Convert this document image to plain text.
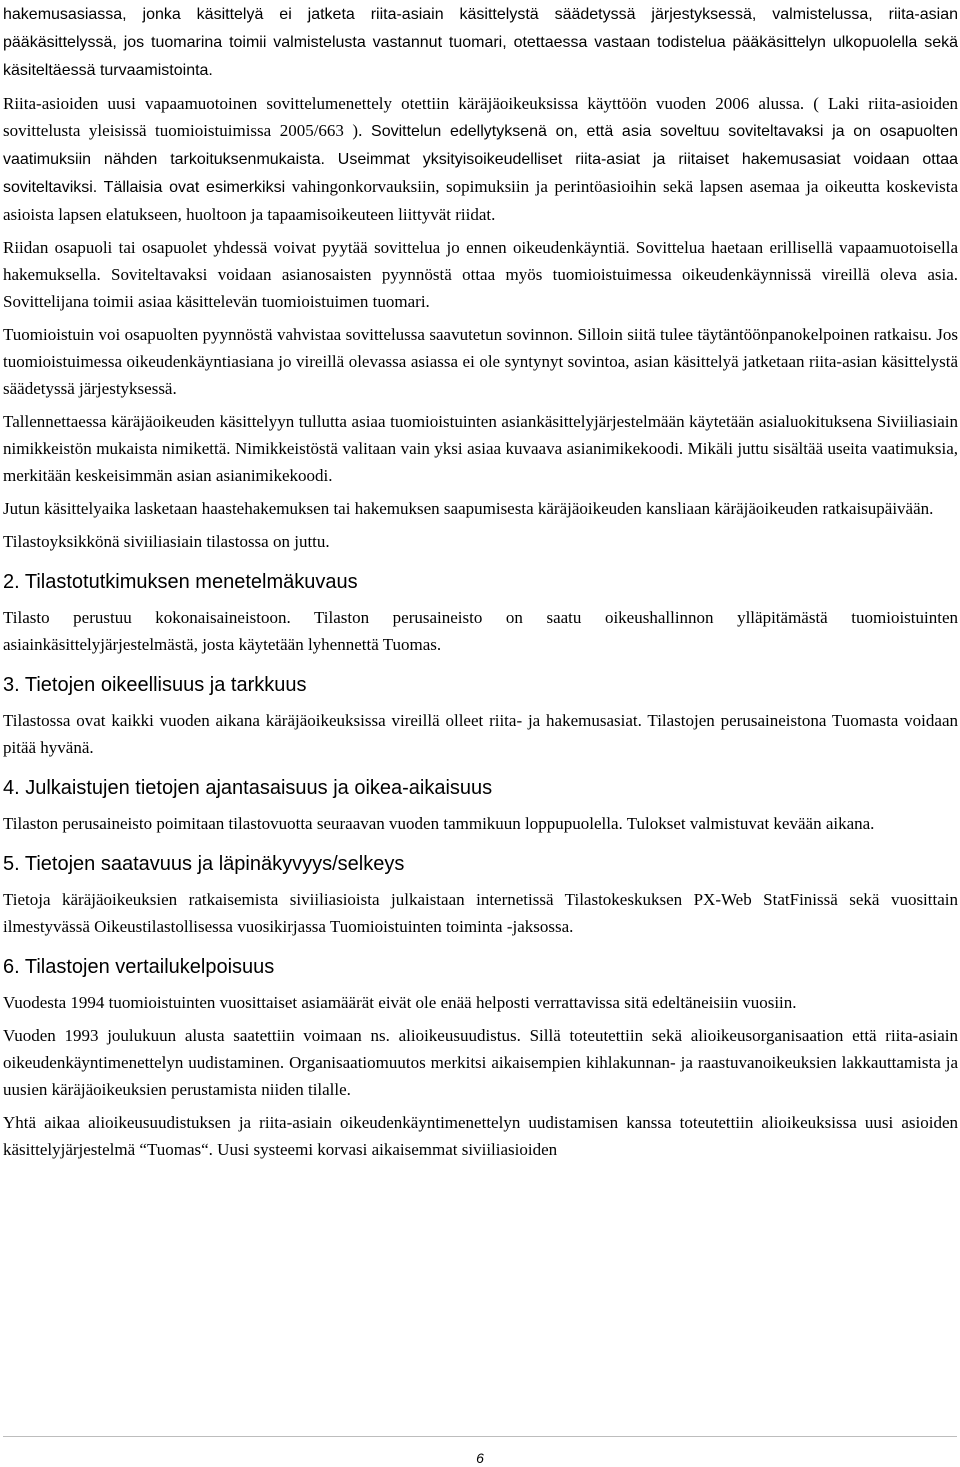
hakemusasiassa, jonka käsittelyä ei jatketa riita-asiain käsittelystä säädetyssä järjestyksessä, valmistelussa, riita-asian pääkäsittelyssä, jos tuomarina toimii valmistelusta vastannut tuomari, otettaessa vastaan todistelua pääkäsittelyn ulkopuolella sekä käsiteltäessä turvaamistointa.

Riita-asioiden uusi vapaamuotoinen sovittelumenettely otettiin käräjäoikeuksissa käyttöön vuoden 2006 alussa. ( Laki riita-asioiden sovittelusta yleisissä tuomioistuimissa 2005/663 ). Sovittelun edellytyksenä on, että asia soveltuu soviteltavaksi ja on osapuolten vaatimuksiin nähden tarkoituksenmukaista. Useimmat yksityisoikeudelliset riita-asiat ja riitaiset hakemusasiat voidaan ottaa soviteltaviksi. Tällaisia ovat esimerkiksi vahingonkorvauksiin, sopimuksiin ja perintöasioihin sekä lapsen asemaa ja oikeutta koskevista asioista lapsen elatukseen, huoltoon ja tapaamisoikeuteen liittyvät riidat.

Riidan osapuoli tai osapuolet yhdessä voivat pyytää sovittelua jo ennen oikeudenkäyntiä. Sovittelua haetaan erillisellä vapaamuotoisella hakemuksella. Soviteltavaksi voidaan asianosaisten pyynnöstä ottaa myös tuomioistuimessa oikeudenkäynnissä vireillä oleva asia. Sovittelijana toimii asiaa käsittelevän tuomioistuimen tuomari.

Tuomioistuin voi osapuolten pyynnöstä vahvistaa sovittelussa saavutetun sovinnon. Silloin siitä tulee täytäntöönpanokelpoinen ratkaisu. Jos tuomioistuimessa oikeudenkäyntiasiana jo vireillä olevassa asiassa ei ole syntynyt sovintoa, asian käsittelyä jatketaan riita-asian käsittelystä säädetyssä järjestyksessä.

Tallennettaessa käräjäoikeuden käsittelyyn tullutta asiaa tuomioistuinten asiankäsittelyjärjestelmään käytetään asialuokituksena Siviiliasiain nimikkeistön mukaista nimikettä. Nimikkeistöstä valitaan vain yksi asiaa kuvaava asianimikekoodi. Mikäli juttu sisältää useita vaatimuksia, merkitään keskeisimmän asian asianimikekoodi.

Jutun käsittelyaika lasketaan haastehakemuksen tai hakemuksen saapumisesta käräjäoikeuden kansliaan käräjäoikeuden ratkaisupäivään.

Tilastoyksikkönä siviiliasiain tilastossa on juttu.

2. Tilastotutkimuksen menetelmäkuvaus

Tilasto perustuu kokonaisaineistoon. Tilaston perusaineisto on saatu oikeushallinnon ylläpitämästä tuomioistuinten asiainkäsittelyjärjestelmästä, josta käytetään lyhennettä Tuomas.

3. Tietojen oikeellisuus ja tarkkuus

Tilastossa ovat kaikki vuoden aikana käräjäoikeuksissa vireillä olleet riita- ja hakemusasiat. Tilastojen perusaineistona Tuomasta voidaan pitää hyvänä.

4. Julkaistujen tietojen ajantasaisuus ja oikea-aikaisuus

Tilaston perusaineisto poimitaan tilastovuotta seuraavan vuoden tammikuun loppupuolella. Tulokset valmistuvat kevään aikana.

5. Tietojen saatavuus ja läpinäkyvyys/selkeys

Tietoja käräjäoikeuksien ratkaisemista siviiliasioista julkaistaan internetissä Tilastokeskuksen PX-Web StatFinissä sekä vuosittain ilmestyvässä Oikeustilastollisessa vuosikirjassa Tuomioistuinten toiminta -jaksossa.

6. Tilastojen vertailukelpoisuus

Vuodesta 1994 tuomioistuinten vuosittaiset asiamäärät eivät ole enää helposti verrattavissa sitä edeltäneisiin vuosiin.

Vuoden 1993 joulukuun alusta saatettiin voimaan ns. alioikeusuudistus. Sillä toteutettiin sekä alioikeusorganisaation että riita-asiain oikeudenkäyntimenettelyn uudistaminen. Organisaatiomuutos merkitsi aikaisempien kihlakunnan- ja raastuvanoikeuksien lakkauttamista ja uusien käräjäoikeuksien perustamista niiden tilalle.

Yhtä aikaa alioikeusuudistuksen ja riita-asiain oikeudenkäyntimenettelyn uudistamisen kanssa toteutettiin alioikeuksissa uusi asioiden käsittelyjärjestelmä “Tuomas“. Uusi systeemi korvasi aikaisemmat siviiliasioiden

6
